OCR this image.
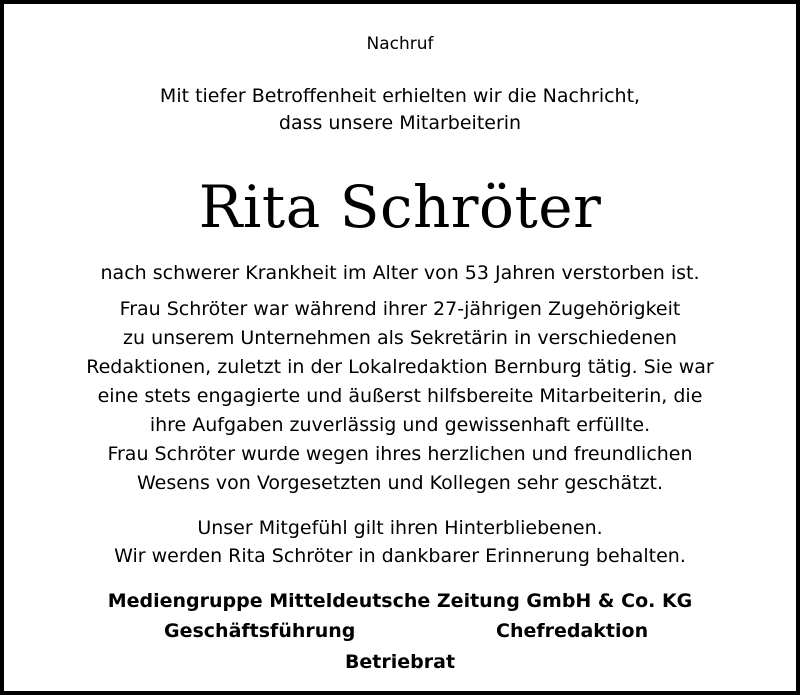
Nachruf
Mit tiefer Betroffenheit erhielten wir die Nachricht,
dass unsere Mitarbeiterin
Rita Schröter
nach schwerer Krankheit im Alter von 53 Jahren verstorben ist.
Frau Schröter war während ihrer 27-jährigen Zugehörigkeit
zu unserem Unternehmen als Sekretärin in verschiedenen
Redaktionen, zuletzt in der Lokalredaktion Bernburg tätig. Sie war
eine stets engagierte und äußerst hilfsbereite Mitarbeiterin, die
ihre Aufgaben zuverlässig und gewissenhaft erfüllte.
Frau Schröter wurde wegen ihres herzlichen und freundlichen
Wesens von Vorgesetzten und Kollegen sehr geschätzt.
Unser Mitgefühl gilt ihren Hinterbliebenen.
Wir werden Rita Schröter in dankbarer Erinnerung behalten.
Mediengruppe Mitteldeutsche Zeitung GmbH & Co. KG
Geschäftsführung	Chefredaktion
Betriebrat
